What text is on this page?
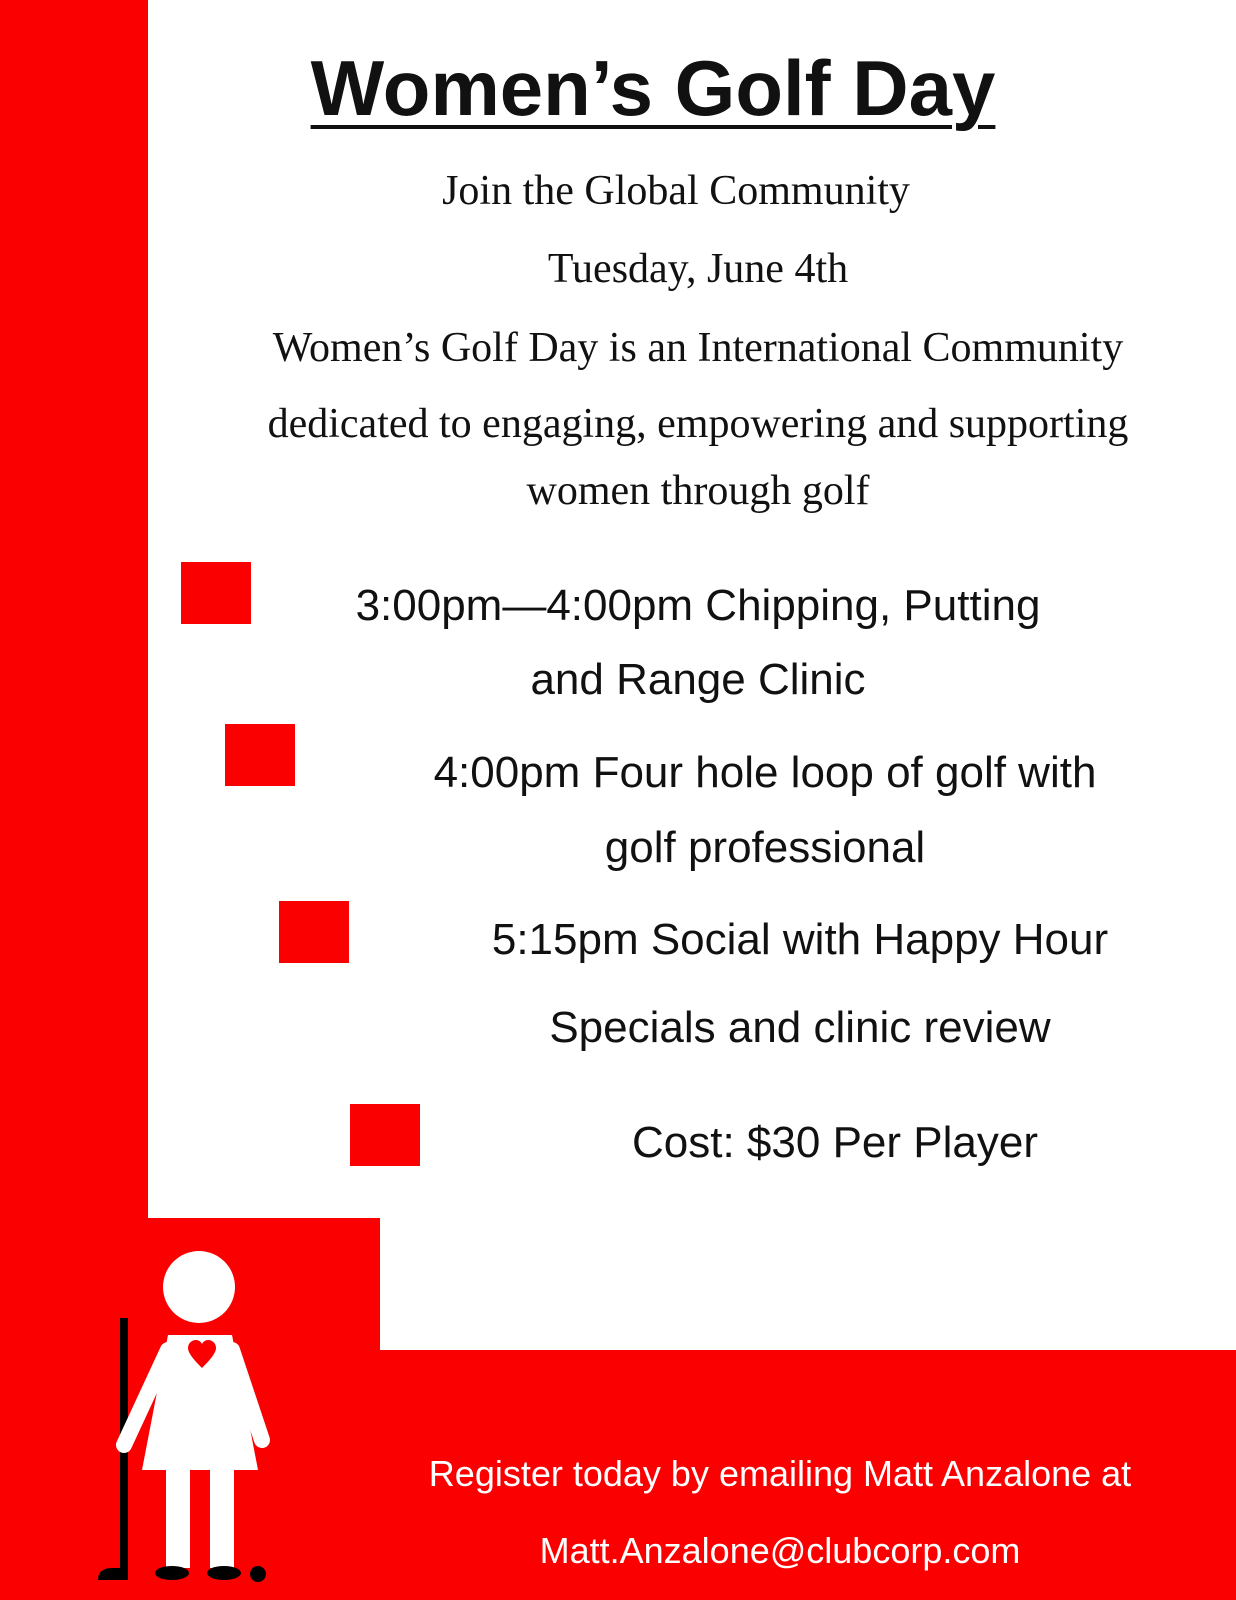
Women’s Golf Day
Join the Global Community
Tuesday, June 4th
Women’s Golf Day is an International Community
dedicated to engaging, empowering and supporting
women through golf
3:00pm—4:00pm Chipping, Putting
and Range Clinic
4:00pm Four hole loop of golf with
golf professional
5:15pm Social with Happy Hour
Specials and clinic review
Cost: $30 Per Player
Register today by emailing Matt Anzalone at
Matt.Anzalone@clubcorp.com
